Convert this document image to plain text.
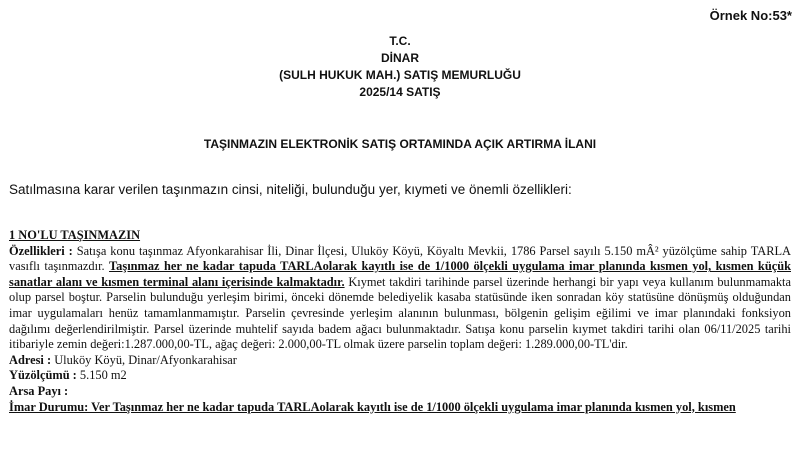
Örnek No:53*
T.C.
DİNAR
(SULH HUKUK MAH.) SATIŞ MEMURLUĞU
2025/14 SATIŞ
TAŞINMAZIN ELEKTRONİK SATIŞ ORTAMINDA AÇIK ARTIRMA İLANI
Satılmasına karar verilen taşınmazın cinsi, niteliği, bulunduğu yer, kıymeti ve önemli özellikleri:
1 NO'LU TAŞINMAZIN

Özellikleri : Satışa konu taşınmaz Afyonkarahisar İli, Dinar İlçesi, Uluköy Köyü, Köyaltı Mevkii, 1786 Parsel sayılı 5.150 mÂ² yüzölçüme sahip TARLA vasıflı taşınmazdır. Taşınmaz her ne kadar tapuda TARLAolarak kayıtlı ise de 1/1000 ölçekli uygulama imar planında kısmen yol, kısmen küçük sanatlar alanı ve kısmen terminal alanı içerisinde kalmaktadır. Kıymet takdiri tarihinde parsel üzerinde herhangi bir yapı veya kullanım bulunmamakta olup parsel boştur. Parselin bulunduğu yerleşim birimi, önceki dönemde belediyelik kasaba statüsünde iken sonradan köy statüsüne dönüşmüş olduğundan imar uygulamaları henüz tamamlanmamıştır. Parselin çevresinde yerleşim alanının bulunması, bölgenin gelişim eğilimi ve imar planındaki fonksiyon dağılımı değerlendirilmiştir. Parsel üzerinde muhtelif sayıda badem ağacı bulunmaktadır. Satışa konu parselin kıymet takdiri tarihi olan 06/11/2025 tarihi itibariyle zemin değeri:1.287.000,00-TL, ağaç değeri: 2.000,00-TL olmak üzere parselin toplam değeri: 1.289.000,00-TL'dir.

Adresi : Uluköy Köyü, Dinar/Afyonkarahisar

Yüzölçümü : 5.150 m2

Arsa Payı :

İmar Durumu: Ver Taşınmaz her ne kadar tapuda TARLAolarak kayıtlı ise de 1/1000 ölçekli uygulama imar planında kısmen yol, kısmen
